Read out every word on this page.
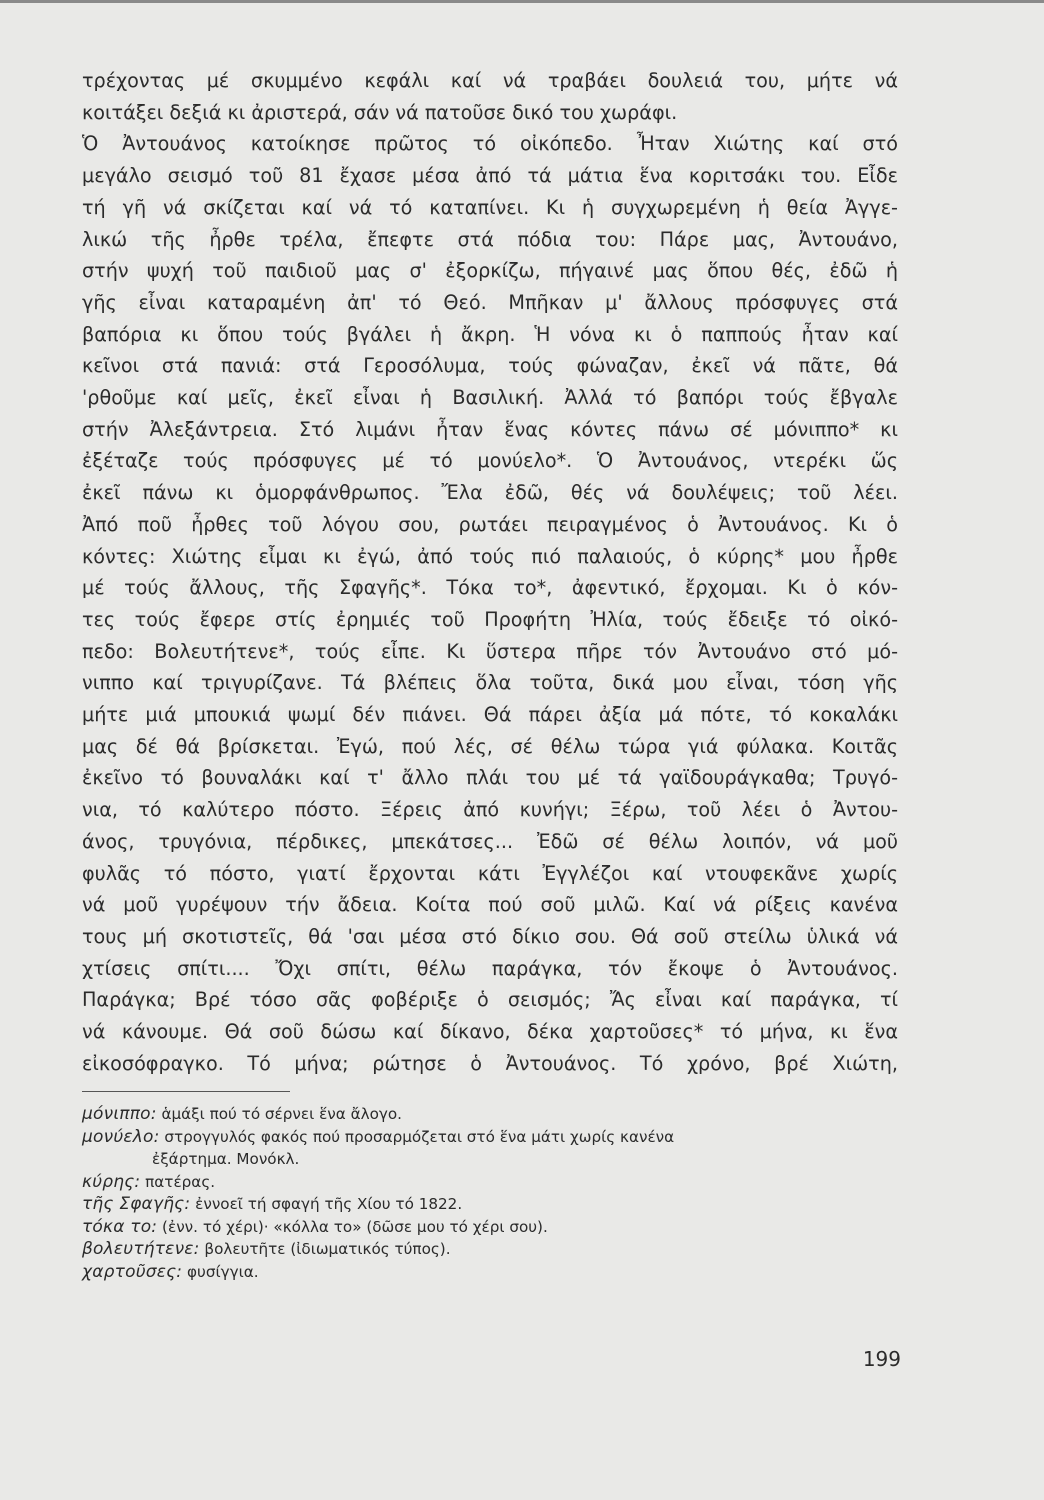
τρέχοντας μέ σκυμμένο κεφάλι καί νά τραβάει δουλειά του, μήτε νά
κοιτάξει δεξιά κι ἀριστερά, σάν νά πατοῦσε δικό του χωράφι.
Ὁ Ἀντουάνος κατοίκησε πρῶτος τό οἰκόπεδο. Ἦταν Χιώτης καί στό
μεγάλο σεισμό τοῦ 81 ἔχασε μέσα ἀπό τά μάτια ἕνα κοριτσάκι του. Εἶδε
τή γῆ νά σκίζεται καί νά τό καταπίνει. Κι ἡ συγχωρεμένη ἡ θεία Ἀγγε-
λικώ τῆς ἦρθε τρέλα, ἔπεφτε στά πόδια του: Πάρε μας, Ἀντουάνο,
στήν ψυχή τοῦ παιδιοῦ μας σ' ἐξορκίζω, πήγαινέ μας ὅπου θές, ἐδῶ ἡ
γῆς εἶναι καταραμένη ἀπ' τό Θεό. Μπῆκαν μ' ἄλλους πρόσφυγες στά
βαπόρια κι ὅπου τούς βγάλει ἡ ἄκρη. Ἡ νόνα κι ὁ παππούς ἦταν καί
κεῖνοι στά πανιά: στά Γεροσόλυμα, τούς φώναζαν, ἐκεῖ νά πᾶτε, θά
'ρθοῦμε καί μεῖς, ἐκεῖ εἶναι ἡ Βασιλική. Ἀλλά τό βαπόρι τούς ἔβγαλε
στήν Ἀλεξάντρεια. Στό λιμάνι ἦταν ἕνας κόντες πάνω σέ μόνιππο* κι
ἐξέταζε τούς πρόσφυγες μέ τό μονύελο*. Ὁ Ἀντουάνος, ντερέκι ὥς
ἐκεῖ πάνω κι ὁμορφάνθρωπος. Ἔλα ἐδῶ, θές νά δουλέψεις; τοῦ λέει.
Ἀπό ποῦ ἦρθες τοῦ λόγου σου, ρωτάει πειραγμένος ὁ Ἀντουάνος. Κι ὁ
κόντες: Χιώτης εἶμαι κι ἐγώ, ἀπό τούς πιό παλαιούς, ὁ κύρης* μου ἦρθε
μέ τούς ἄλλους, τῆς Σφαγῆς*. Τόκα το*, ἀφεντικό, ἔρχομαι. Κι ὁ κόν-
τες τούς ἔφερε στίς ἐρημιές τοῦ Προφήτη Ἠλία, τούς ἔδειξε τό οἰκό-
πεδο: Βολευτήτενε*, τούς εἶπε. Κι ὕστερα πῆρε τόν Ἀντουάνο στό μό-
νιππο καί τριγυρίζανε. Τά βλέπεις ὅλα τοῦτα, δικά μου εἶναι, τόση γῆς
μήτε μιά μπουκιά ψωμί δέν πιάνει. Θά πάρει ἀξία μά πότε, τό κοκαλάκι
μας δέ θά βρίσκεται. Ἐγώ, πού λές, σέ θέλω τώρα γιά φύλακα. Κοιτᾶς
ἐκεῖνο τό βουναλάκι καί τ' ἄλλο πλάι του μέ τά γαϊδουράγκαθα; Τρυγό-
νια, τό καλύτερο πόστο. Ξέρεις ἀπό κυνήγι; Ξέρω, τοῦ λέει ὁ Ἀντου-
άνος, τρυγόνια, πέρδικες, μπεκάτσες... Ἐδῶ σέ θέλω λοιπόν, νά μοῦ
φυλᾶς τό πόστο, γιατί ἔρχονται κάτι Ἐγγλέζοι καί ντουφεκᾶνε χωρίς
νά μοῦ γυρέψουν τήν ἄδεια. Κοίτα πού σοῦ μιλῶ. Καί νά ρίξεις κανένα
τους μή σκοτιστεῖς, θά 'σαι μέσα στό δίκιο σου. Θά σοῦ στείλω ὑλικά νά
χτίσεις σπίτι.... Ὄχι σπίτι, θέλω παράγκα, τόν ἔκοψε ὁ Ἀντουάνος.
Παράγκα; Βρέ τόσο σᾶς φοβέριξε ὁ σεισμός; Ἄς εἶναι καί παράγκα, τί
νά κάνουμε. Θά σοῦ δώσω καί δίκανο, δέκα χαρτοῦσες* τό μήνα, κι ἕνα
εἰκοσόφραγκο. Τό μήνα; ρώτησε ὁ Ἀντουάνος. Τό χρόνο, βρέ Χιώτη,
μόνιππο: ἁμάξι πού τό σέρνει ἕνα ἄλογο.
μονύελο: στρογγυλός φακός πού προσαρμόζεται στό ἕνα μάτι χωρίς κανένα
ἐξάρτημα. Μονόκλ.
κύρης: πατέρας.
τῆς Σφαγῆς: ἐννοεῖ τή σφαγή τῆς Χίου τό 1822.
τόκα το: (ἐνν. τό χέρι)· «κόλλα το» (δῶσε μου τό χέρι σου).
βολευτήτενε: βολευτῆτε (ἰδιωματικός τύπος).
χαρτοῦσες: φυσίγγια.
199
